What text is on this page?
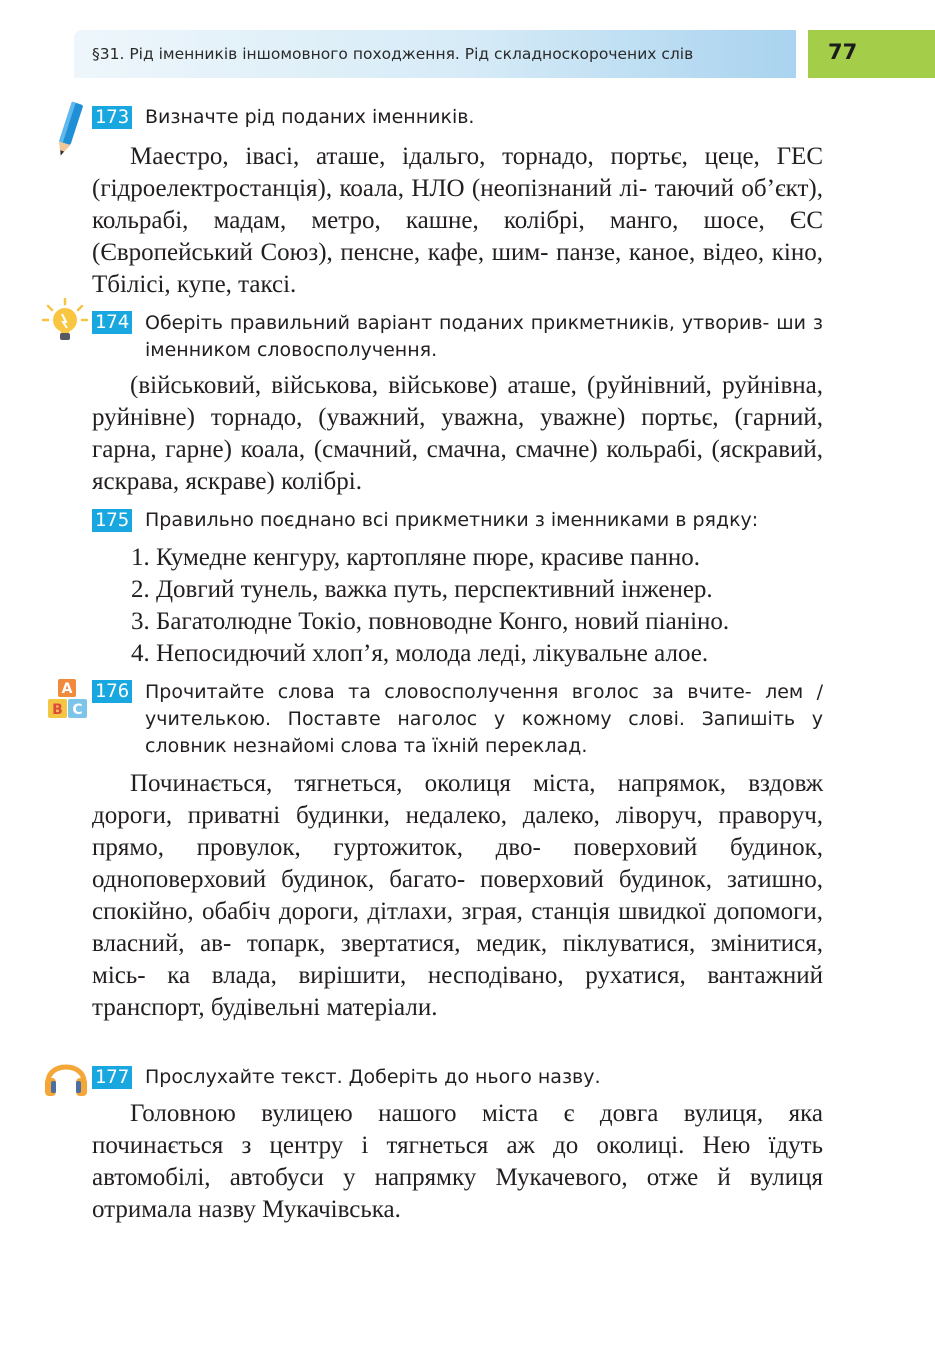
§31. Рід іменників іншомовного походження. Рід складноскорочених слів	77
173 Визначте рід поданих іменників.

Маестро, івасі, аташе, ідальго, торнадо, портьє, цеце, ГЕС (гідроелектростанція), коала, НЛО (неопізнаний лі- таючий об’єкт), кольрабі, мадам, метро, кашне, колібрі, манго, шосе, ЄС (Європейський Союз), пенсне, кафе, шим- панзе, каное, відео, кіно, Тбілісі, купе, таксі.

174 Оберіть правильний варіант поданих прикметників, утворив- ши з іменником словосполучення.

(військовий, військова, військове) аташе, (руйнівний, руйнівна, руйнівне) торнадо, (уважний, уважна, уважне) портьє, (гарний, гарна, гарне) коала, (смачний, смачна, смачне) кольрабі, (яскравий, яскрава, яскраве) колібрі.

175 Правильно поєднано всі прикметники з іменниками в рядку:

1. Кумедне кенгуру, картопляне пюре, красиве панно.
2. Довгий тунель, важка путь, перспективний інженер.
3. Багатолюдне Токіо, повноводне Конго, новий піаніно.
4. Непосидючий хлоп’я, молода леді, лікувальне алое.
A
B C
176 Прочитайте слова та словосполучення вголос за вчите- лем / учителькою. Поставте наголос у кожному слові. Запишіть у словник незнайомі слова та їхній переклад.

Починається, тягнеться, околиця міста, напрямок, вздовж дороги, приватні будинки, недалеко, далеко, ліворуч, праворуч, прямо, провулок, гуртожиток, дво- поверховий будинок, одноповерховий будинок, багато- поверховий будинок, затишно, спокійно, обабіч дороги, дітлахи, зграя, станція швидкої допомоги, власний, ав- топарк, звертатися, медик, піклуватися, змінитися, місь- ка влада, вирішити, несподівано, рухатися, вантажний транспорт, будівельні матеріали.

177 Прослухайте текст. Доберіть до нього назву.

Головною вулицею нашого міста є довга вулиця, яка починається з центру і тягнеться аж до околиці. Нею їдуть автомобілі, автобуси у напрямку Мукачевого, отже й вулиця отримала назву Мукачівська.
